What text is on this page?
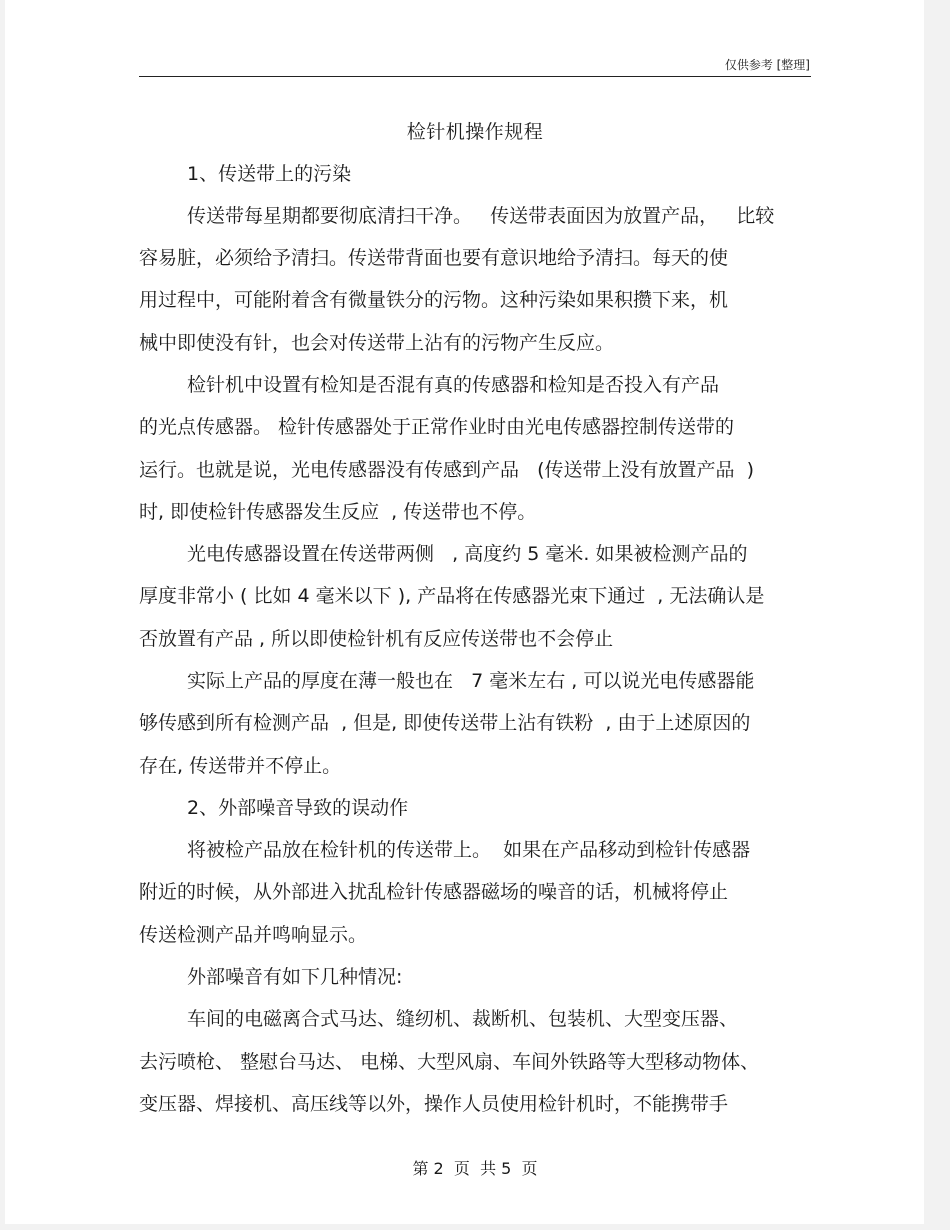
仅供参考 [整理]
检针机操作规程
1、传送带上的污染
传送带每星期都要彻底清扫干净。   传送带表面因为放置产品，   比较
容易脏，必须给予清扫。传送带背面也要有意识地给予清扫。每天的使
用过程中，可能附着含有微量铁分的污物。这种污染如果积攒下来，机
械中即使没有针，也会对传送带上沾有的污物产生反应。
检针机中设置有检知是否混有真的传感器和检知是否投入有产品
的光点传感器。 检针传感器处于正常作业时由光电传感器控制传送带的
运行。也就是说，光电传感器没有传感到产品   (传送带上没有放置产品  )
时, 即使检针传感器发生反应  , 传送带也不停。
光电传感器设置在传送带两侧   , 高度约 5 毫米. 如果被检测产品的
厚度非常小 ( 比如 4 毫米以下 ), 产品将在传感器光束下通过  , 无法确认是
否放置有产品 , 所以即使检针机有反应传送带也不会停止
实际上产品的厚度在薄一般也在   7 毫米左右 , 可以说光电传感器能
够传感到所有检测产品  , 但是, 即使传送带上沾有铁粉  , 由于上述原因的
存在, 传送带并不停止。
2、外部噪音导致的误动作
将被检产品放在检针机的传送带上。  如果在产品移动到检针传感器
附近的时候，从外部进入扰乱检针传感器磁场的噪音的话，机械将停止
传送检测产品并鸣响显示。
外部噪音有如下几种情况:
车间的电磁离合式马达、缝纫机、裁断机、包装机、大型变压器、
去污喷枪、 整慰台马达、 电梯、大型风扇、车间外铁路等大型移动物体、
变压器、焊接机、高压线等以外，操作人员使用检针机时，不能携带手
第 2  页  共 5  页
